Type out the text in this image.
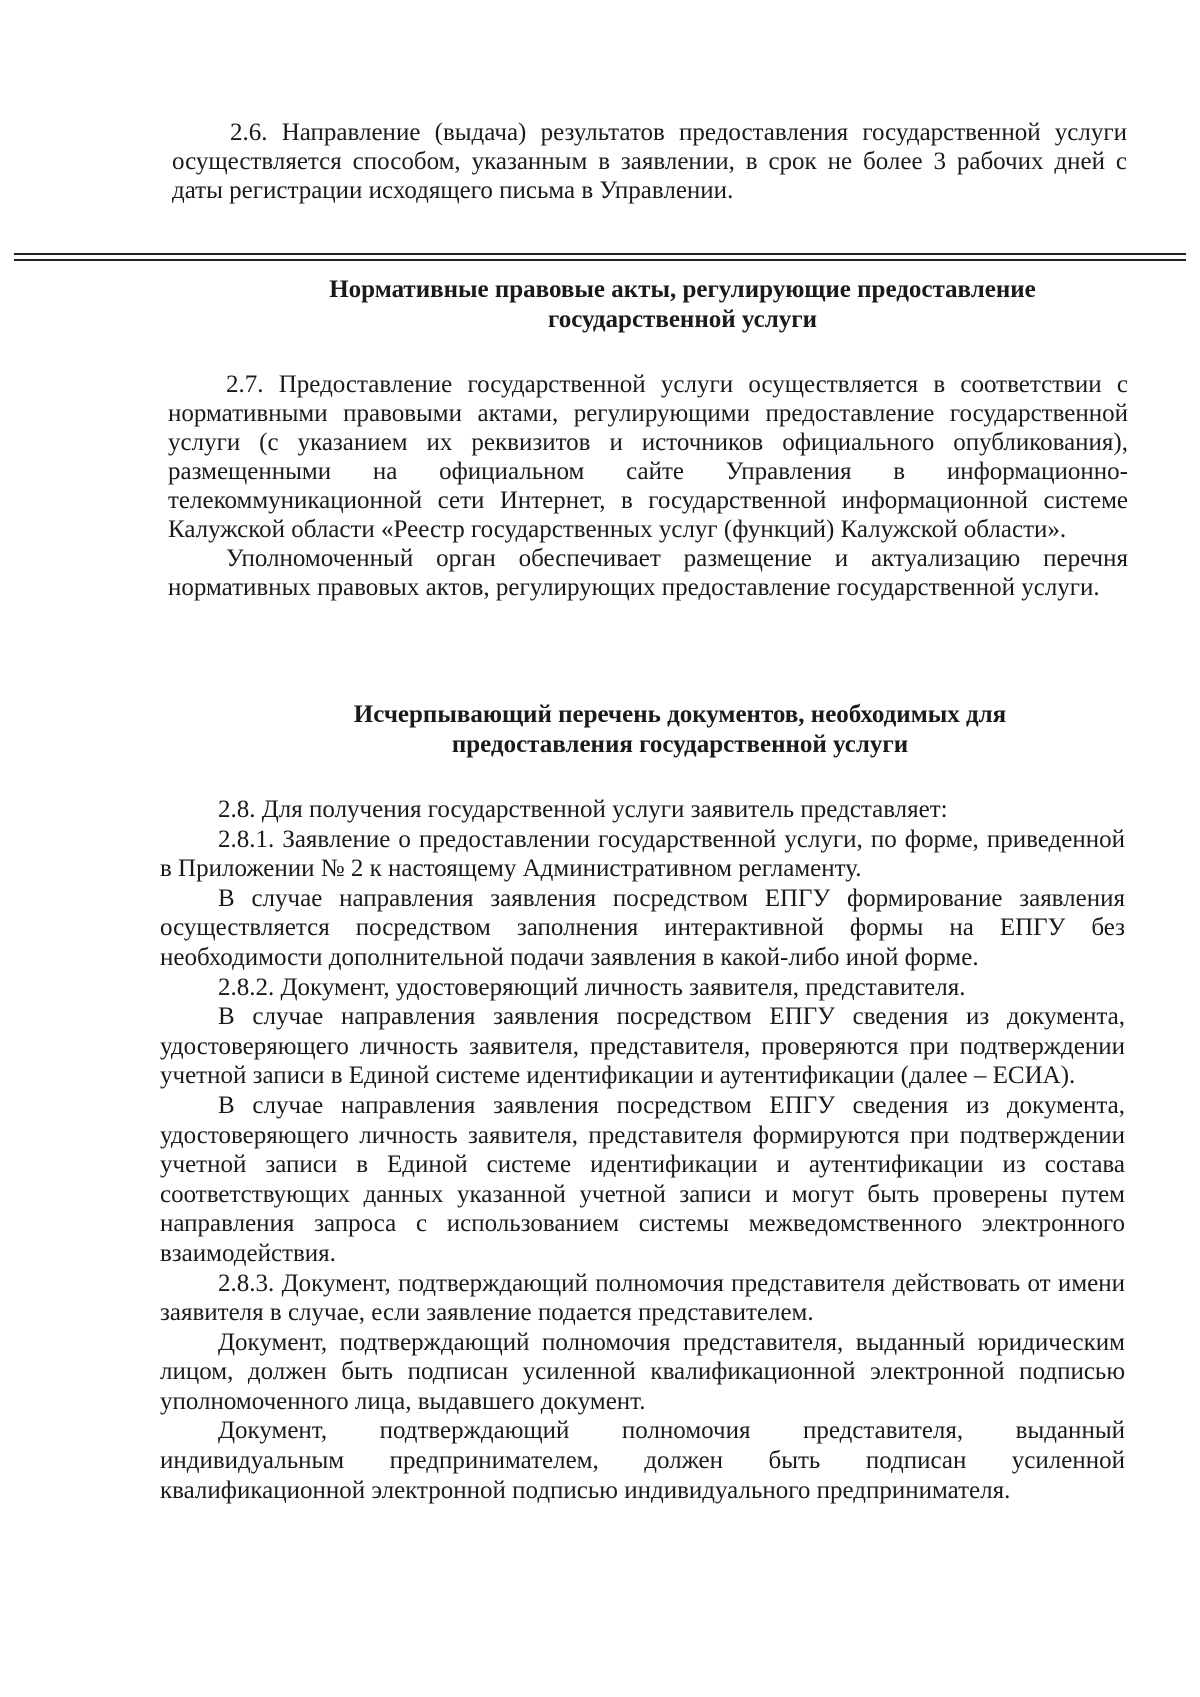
2.6. Направление (выдача) результатов предоставления государственной услуги осуществляется способом, указанным в заявлении, в срок не более 3 рабочих дней с даты регистрации исходящего письма в Управлении.

Нормативные правовые акты, регулирующие предоставление
государственной услуги

2.7. Предоставление государственной услуги осуществляется в соответствии с нормативными правовыми актами, регулирующими предоставление государственной услуги (с указанием их реквизитов и источников официального опубликования), размещенными на официальном сайте Управления в информационно-телекоммуникационной сети Интернет, в государственной информационной системе Калужской области «Реестр государственных услуг (функций) Калужской области».

Уполномоченный орган обеспечивает размещение и актуализацию перечня нормативных правовых актов, регулирующих предоставление государственной услуги.

Исчерпывающий перечень документов, необходимых для
предоставления государственной услуги

2.8. Для получения государственной услуги заявитель представляет:

2.8.1. Заявление о предоставлении государственной услуги, по форме, приведенной в Приложении № 2 к настоящему Административном регламенту.

В случае направления заявления посредством ЕПГУ формирование заявления осуществляется посредством заполнения интерактивной формы на ЕПГУ без необходимости дополнительной подачи заявления в какой-либо иной форме.

2.8.2. Документ, удостоверяющий личность заявителя, представителя.

В случае направления заявления посредством ЕПГУ сведения из документа, удостоверяющего личность заявителя, представителя, проверяются при подтверждении учетной записи в Единой системе идентификации и аутентификации (далее – ЕСИА).

В случае направления заявления посредством ЕПГУ сведения из документа, удостоверяющего личность заявителя, представителя формируются при подтверждении учетной записи в Единой системе идентификации и аутентификации из состава соответствующих данных указанной учетной записи и могут быть проверены путем направления запроса с использованием системы межведомственного электронного взаимодействия.

2.8.3. Документ, подтверждающий полномочия представителя действовать от имени заявителя в случае, если заявление подается представителем.

Документ, подтверждающий полномочия представителя, выданный юридическим лицом, должен быть подписан усиленной квалификационной электронной подписью уполномоченного лица, выдавшего документ.

Документ, подтверждающий полномочия представителя, выданный индивидуальным предпринимателем, должен быть подписан усиленной квалификационной электронной подписью индивидуального предпринимателя.
